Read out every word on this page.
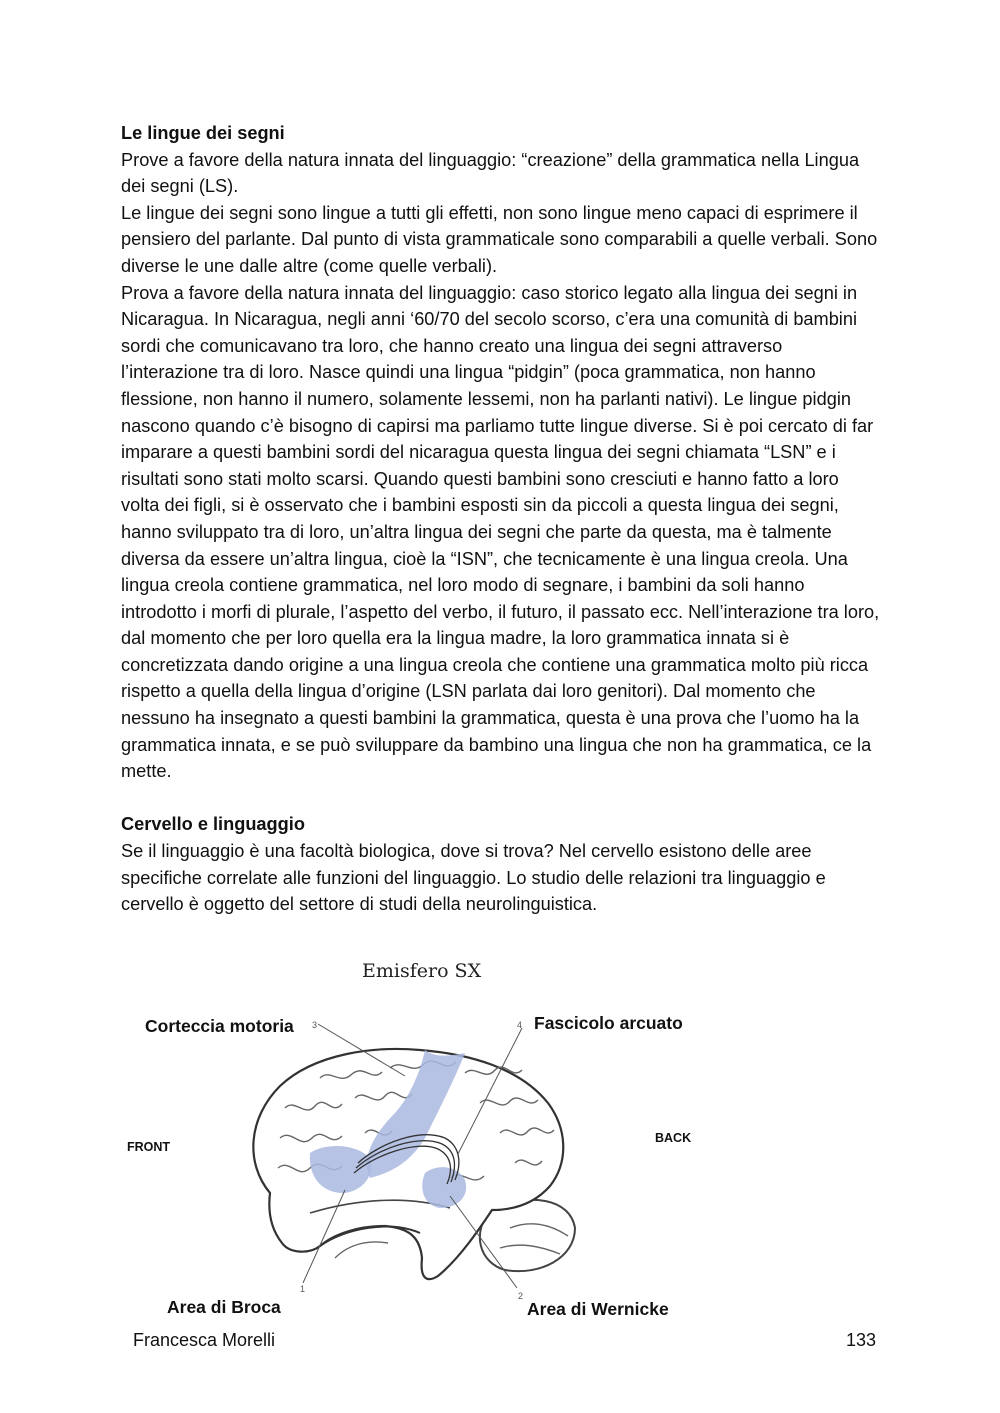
Le lingue dei segni

Prove a favore della natura innata del linguaggio: “creazione” della grammatica nella Lingua dei segni (LS).

Le lingue dei segni sono lingue a tutti gli effetti, non sono lingue meno capaci di esprimere il pensiero del parlante. Dal punto di vista grammaticale sono comparabili a quelle verbali. Sono diverse le une dalle altre (come quelle verbali).

Prova a favore della natura innata del linguaggio: caso storico legato alla lingua dei segni in Nicaragua. In Nicaragua, negli anni ‘60/70 del secolo scorso, c’era una comunità di bambini sordi che comunicavano tra loro, che hanno creato una lingua dei segni attraverso l’interazione tra di loro. Nasce quindi una lingua “pidgin” (poca grammatica, non hanno flessione, non hanno il numero, solamente lessemi, non ha parlanti nativi). Le lingue pidgin nascono quando c’è bisogno di capirsi ma parliamo tutte lingue diverse. Si è poi cercato di far imparare a questi bambini sordi del nicaragua questa lingua dei segni chiamata “LSN” e i risultati sono stati molto scarsi. Quando questi bambini sono cresciuti e hanno fatto a loro volta dei figli, si è osservato che i bambini esposti sin da piccoli a questa lingua dei segni, hanno sviluppato tra di loro, un’altra lingua dei segni che parte da questa, ma è talmente diversa da essere un’altra lingua, cioè la “ISN”, che tecnicamente è una lingua creola. Una lingua creola contiene grammatica, nel loro modo di segnare, i bambini da soli hanno introdotto i morfi di plurale, l’aspetto del verbo, il futuro, il passato ecc. Nell’interazione tra loro, dal momento che per loro quella era la lingua madre, la loro grammatica innata si è concretizzata dando origine a una lingua creola che contiene una grammatica molto più ricca rispetto a quella della lingua d’origine (LSN parlata dai loro genitori). Dal momento che nessuno ha insegnato a questi bambini la grammatica, questa è una prova che l’uomo ha la grammatica innata, e se può sviluppare da bambino una lingua che non ha grammatica, ce la mette.

Cervello e linguaggio

Se il linguaggio è una facoltà biologica, dove si trova? Nel cervello esistono delle aree specifiche correlate alle funzioni del linguaggio. Lo studio delle relazioni tra linguaggio e cervello è oggetto del settore di studi della neurolinguistica.

Emisfero SX
Corteccia motoria 3	Fascicolo arcuato
4
FRONT
BACK
Area di Broca
1
Area di Wernicke
2
Francesca Morelli	133
